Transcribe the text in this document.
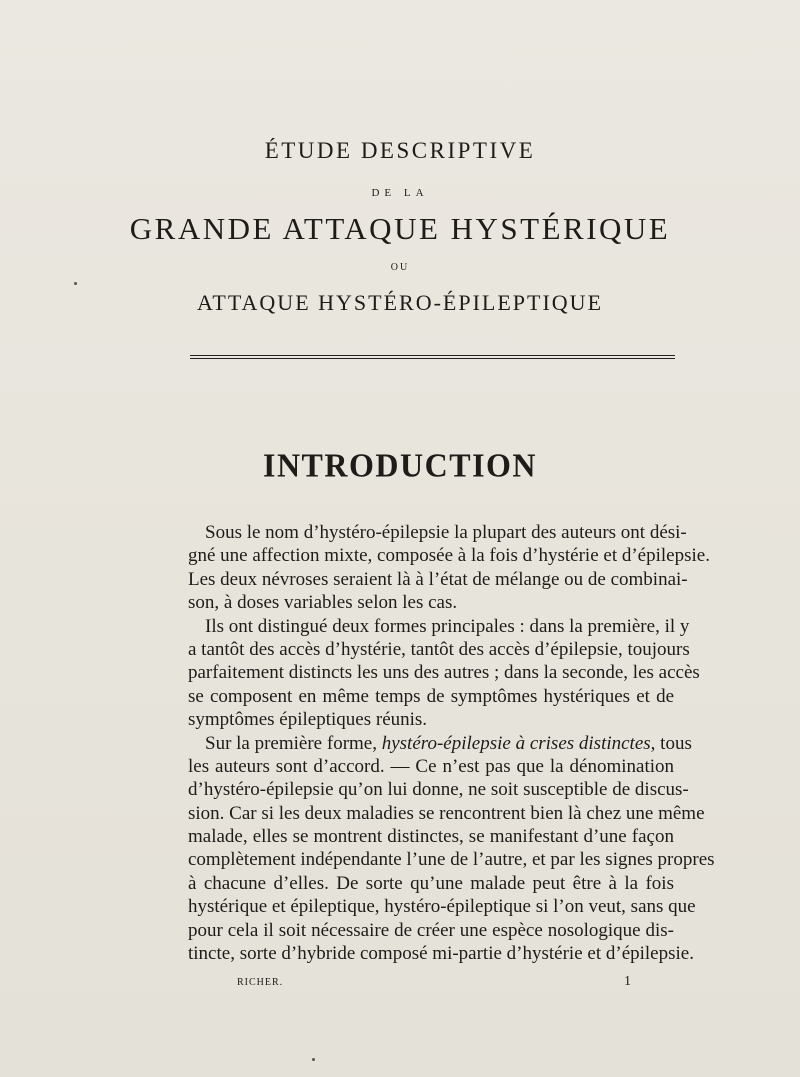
ÉTUDE DESCRIPTIVE
DE LA
GRANDE ATTAQUE HYSTÉRIQUE
OU
ATTAQUE HYSTÉRO-ÉPILEPTIQUE
INTRODUCTION
Sous le nom d’hystéro-épilepsie la plupart des auteurs ont dési-
gné une affection mixte, composée à la fois d’hystérie et d’épilepsie.
Les deux névroses seraient là à l’état de mélange ou de combinai-
son, à doses variables selon les cas.
Ils ont distingué deux formes principales : dans la première, il y
a tantôt des accès d’hystérie, tantôt des accès d’épilepsie, toujours
parfaitement distincts les uns des autres ; dans la seconde, les accès
se composent en même temps de symptômes hystériques et de
symptômes épileptiques réunis.
Sur la première forme, hystéro-épilepsie à crises distinctes, tous
les auteurs sont d’accord. — Ce n’est pas que la dénomination
d’hystéro-épilepsie qu’on lui donne, ne soit susceptible de discus-
sion. Car si les deux maladies se rencontrent bien là chez une même
malade, elles se montrent distinctes, se manifestant d’une façon
complètement indépendante l’une de l’autre, et par les signes propres
à chacune d’elles. De sorte qu’une malade peut être à la fois
hystérique et épileptique, hystéro-épileptique si l’on veut, sans que
pour cela il soit nécessaire de créer une espèce nosologique dis-
tincte, sorte d’hybride composé mi-partie d’hystérie et d’épilepsie.
RICHER.	1
